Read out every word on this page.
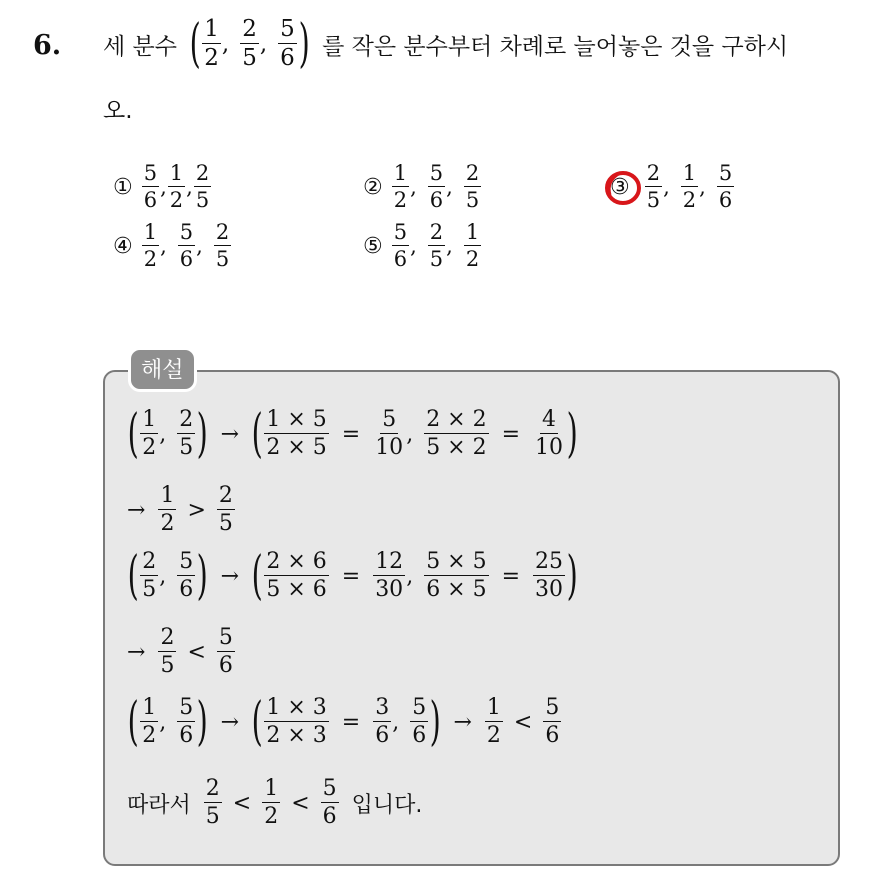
6. 세 분수 ( $\frac{1}{2}$ , $\frac{2}{5}$ , $\frac{5}{6}$ ) 를 작은 분수부터 차례로 늘어놓은 것을 구하시
오.
① $\frac{5}{6}$ , $\frac{1}{2}$ , $\frac{2}{5}$	② $\frac{1}{2}$ , $\frac{5}{6}$ , $\frac{2}{5}$	③ $\frac{2}{5}$ , $\frac{1}{2}$ , $\frac{5}{6}$
④ $\frac{1}{2}$ , $\frac{5}{6}$ , $\frac{2}{5}$	⑤ $\frac{5}{6}$ , $\frac{2}{5}$ , $\frac{1}{2}$
해설
( $\frac{1}{2}$ , $\frac{2}{5}$ ) → ( $\frac{1 \times 5}{2 \times 5} = \frac{5}{10}$ , $\frac{2 \times 2}{5 \times 2} = \frac{4}{10}$ )
→ $\frac{1}{2} > \frac{2}{5}$
( $\frac{2}{5}$ , $\frac{5}{6}$ ) → ( $\frac{2 \times 6}{5 \times 6} = \frac{12}{30}$ , $\frac{5 \times 5}{6 \times 5} = \frac{25}{30}$ )
→ $\frac{2}{5} < \frac{5}{6}$
( $\frac{1}{2}$ , $\frac{5}{6}$ ) → ( $\frac{1 \times 3}{2 \times 3} = \frac{3}{6}$ , $\frac{5}{6}$ ) → $\frac{1}{2} < \frac{5}{6}$
따라서 $\frac{2}{5} < \frac{1}{2} < \frac{5}{6}$ 입니다.
